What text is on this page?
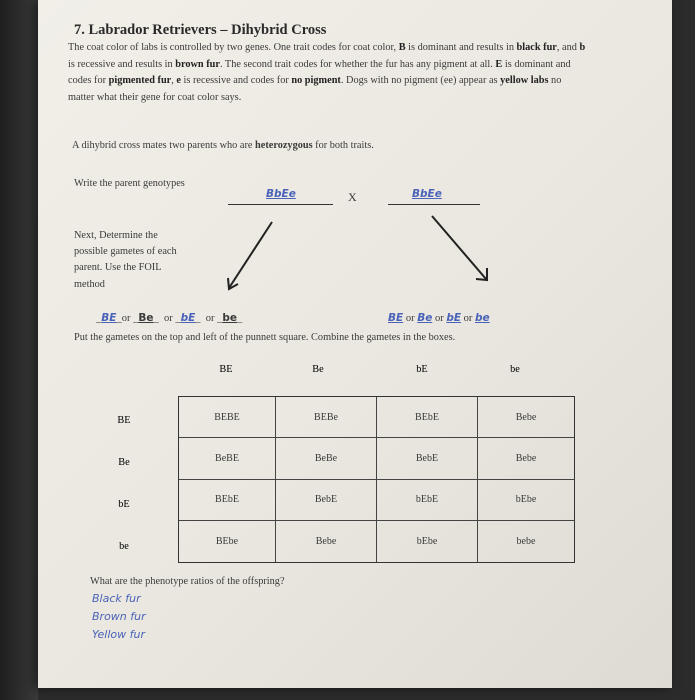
7. Labrador Retrievers – Dihybrid Cross
The coat color of labs is controlled by two genes. One trait codes for coat color, B is dominant and results in black fur, and b is recessive and results in brown fur. The second trait codes for whether the fur has any pigment at all. E is dominant and codes for pigmented fur, e is recessive and codes for no pigment. Dogs with no pigment (ee) appear as yellow labs no matter what their gene for coat color says.
A dihybrid cross mates two parents who are heterozygous for both traits.
Write the parent genotypes
BbEe	X	BbEe
Next, Determine the possible gametes of each parent. Use the FOIL method
_BE_or _Be_  or _bE_  or _be_	BE or Be or bE or be
Put the gametes on the top and left of the punnett square. Combine the gametes in the boxes.
BE	Be	bE	be
BE
Be
bE
be
BEBE	BEBe	BEbE	Bebe
BeBE	BeBe	BebE	Bebe
BEbE	BebE	bEbE	bEbe
BEbe	Bebe	bEbe	bebe
What are the phenotype ratios of the offspring?
Black fur
Brown fur
Yellow fur
